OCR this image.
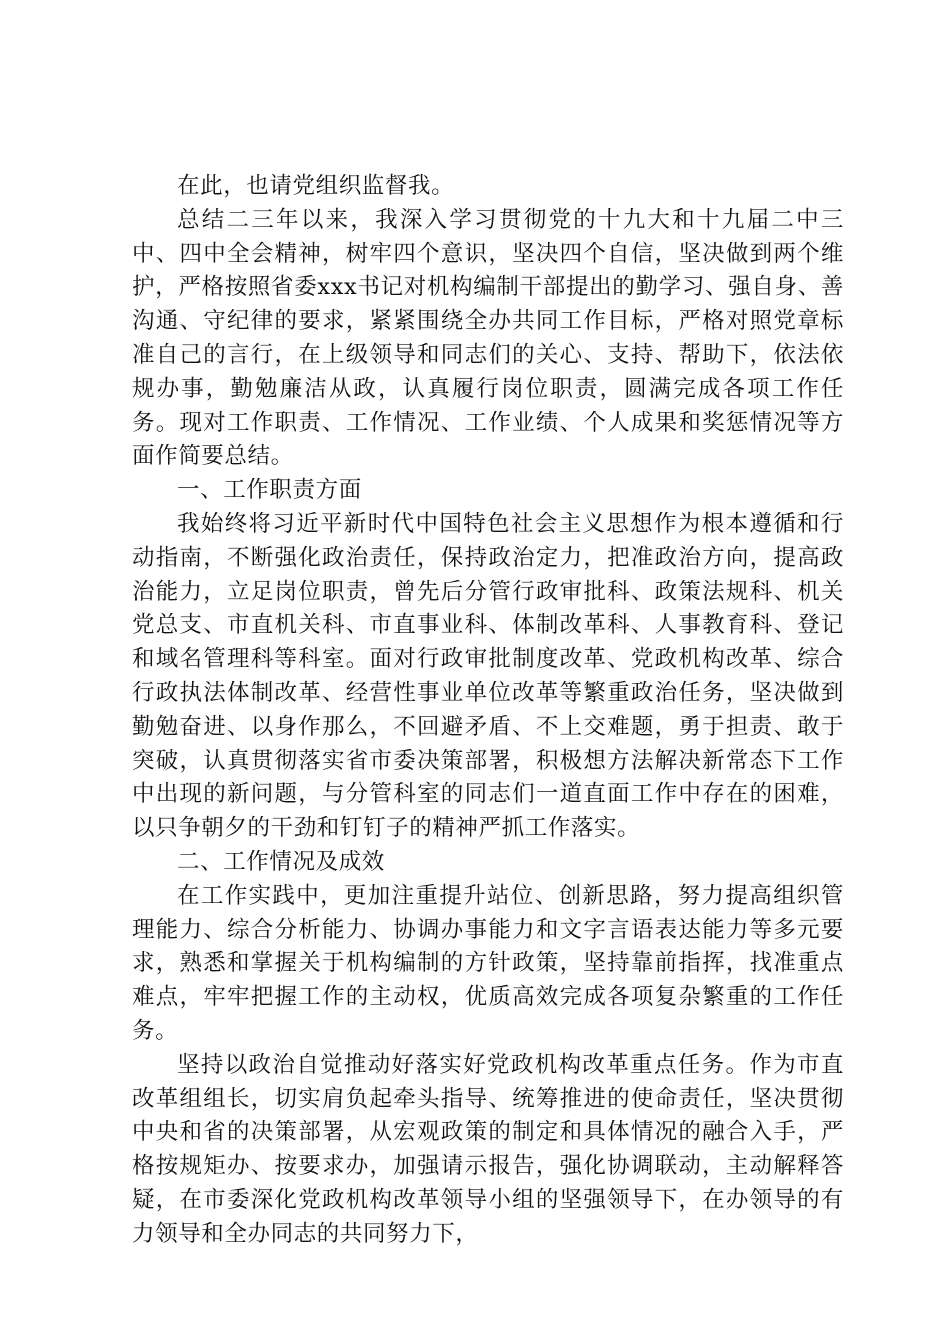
在此，也请党组织监督我。

总结二三年以来，我深入学习贯彻党的十九大和十九届二中三中、四中全会精神，树牢四个意识，坚决四个自信，坚决做到两个维护，严格按照省委xxx书记对机构编制干部提出的勤学习、强自身、善沟通、守纪律的要求，紧紧围绕全办共同工作目标，严格对照党章标准自己的言行，在上级领导和同志们的关心、支持、帮助下，依法依规办事，勤勉廉洁从政，认真履行岗位职责，圆满完成各项工作任务。现对工作职责、工作情况、工作业绩、个人成果和奖惩情况等方面作简要总结。

一、工作职责方面

我始终将习近平新时代中国特色社会主义思想作为根本遵循和行动指南，不断强化政治责任，保持政治定力，把准政治方向，提高政治能力，立足岗位职责，曾先后分管行政审批科、政策法规科、机关党总支、市直机关科、市直事业科、体制改革科、人事教育科、登记和域名管理科等科室。面对行政审批制度改革、党政机构改革、综合行政执法体制改革、经营性事业单位改革等繁重政治任务，坚决做到勤勉奋进、以身作那么，不回避矛盾、不上交难题，勇于担责、敢于突破，认真贯彻落实省市委决策部署，积极想方法解决新常态下工作中出现的新问题，与分管科室的同志们一道直面工作中存在的困难，以只争朝夕的干劲和钉钉子的精神严抓工作落实。

二、工作情况及成效

在工作实践中，更加注重提升站位、创新思路，努力提高组织管理能力、综合分析能力、协调办事能力和文字言语表达能力等多元要求，熟悉和掌握关于机构编制的方针政策，坚持靠前指挥，找准重点难点，牢牢把握工作的主动权，优质高效完成各项复杂繁重的工作任务。

坚持以政治自觉推动好落实好党政机构改革重点任务。作为市直改革组组长，切实肩负起牵头指导、统筹推进的使命责任，坚决贯彻中央和省的决策部署，从宏观政策的制定和具体情况的融合入手，严格按规矩办、按要求办，加强请示报告，强化协调联动，主动解释答疑，在市委深化党政机构改革领导小组的坚强领导下，在办领导的有力领导和全办同志的共同努力下，
